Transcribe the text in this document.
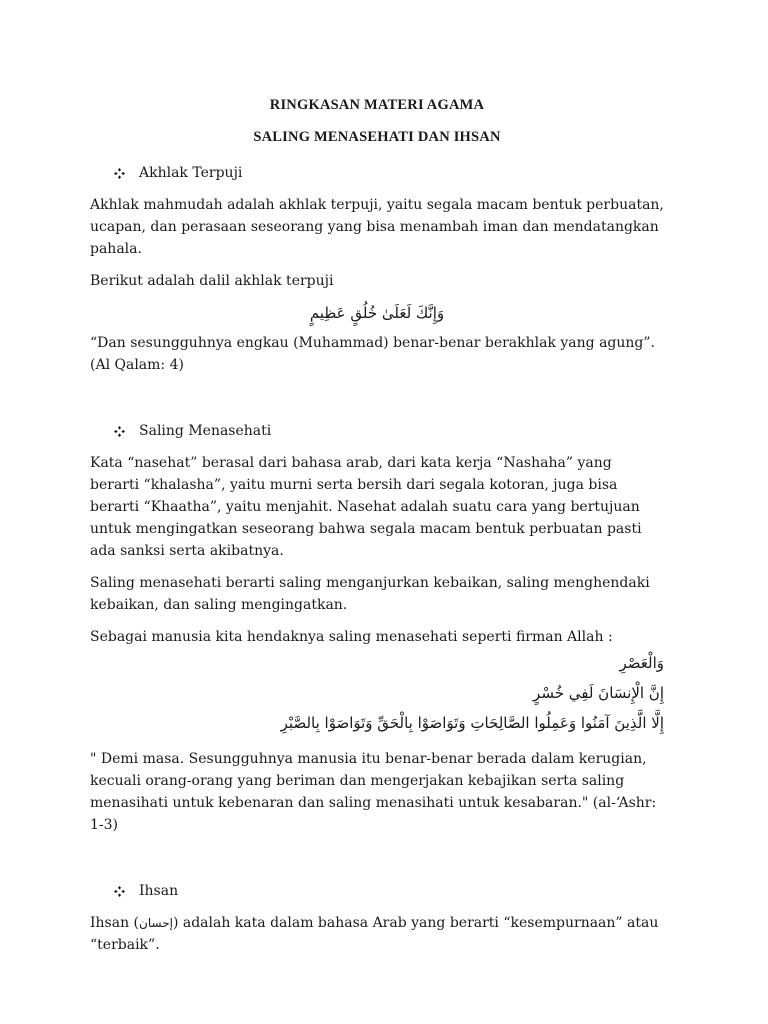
RINGKASAN MATERI AGAMA

SALING MENASEHATI DAN IHSAN

Akhlak Terpuji

Akhlak mahmudah adalah akhlak terpuji, yaitu segala macam bentuk perbuatan, ucapan, dan perasaan seseorang yang bisa menambah iman dan mendatangkan pahala.

Berikut adalah dalil akhlak terpuji

وَإِنَّكَ لَعَلَىٰ خُلُقٍ عَظِيمٍ

“Dan sesungguhnya engkau (Muhammad) benar-benar berakhlak yang agung”. (Al Qalam: 4)

Saling Menasehati

Kata “nasehat” berasal dari bahasa arab, dari kata kerja “Nashaha” yang berarti “khalasha”, yaitu murni serta bersih dari segala kotoran, juga bisa berarti “Khaatha”, yaitu menjahit. Nasehat adalah suatu cara yang bertujuan untuk mengingatkan seseorang bahwa segala macam bentuk perbuatan pasti ada sanksi serta akibatnya.

Saling menasehati berarti saling menganjurkan kebaikan, saling menghendaki kebaikan, dan saling mengingatkan.

Sebagai manusia kita hendaknya saling menasehati seperti firman Allah :

وَالْعَصْرِ

إِنَّ الْإِنسَانَ لَفِي خُسْرٍ

إِلَّا الَّذِينَ آمَنُوا وَعَمِلُوا الصَّالِحَاتِ وَتَوَاصَوْا بِالْحَقِّ وَتَوَاصَوْا بِالصَّبْرِ

" Demi masa. Sesungguhnya manusia itu benar-benar berada dalam kerugian, kecuali orang-orang yang beriman dan mengerjakan kebajikan serta saling menasihati untuk kebenaran dan saling menasihati untuk kesabaran." (al-‘Ashr: 1-3)

Ihsan

Ihsan (إحسان) adalah kata dalam bahasa Arab yang berarti “kesempurnaan” atau “terbaik”.
